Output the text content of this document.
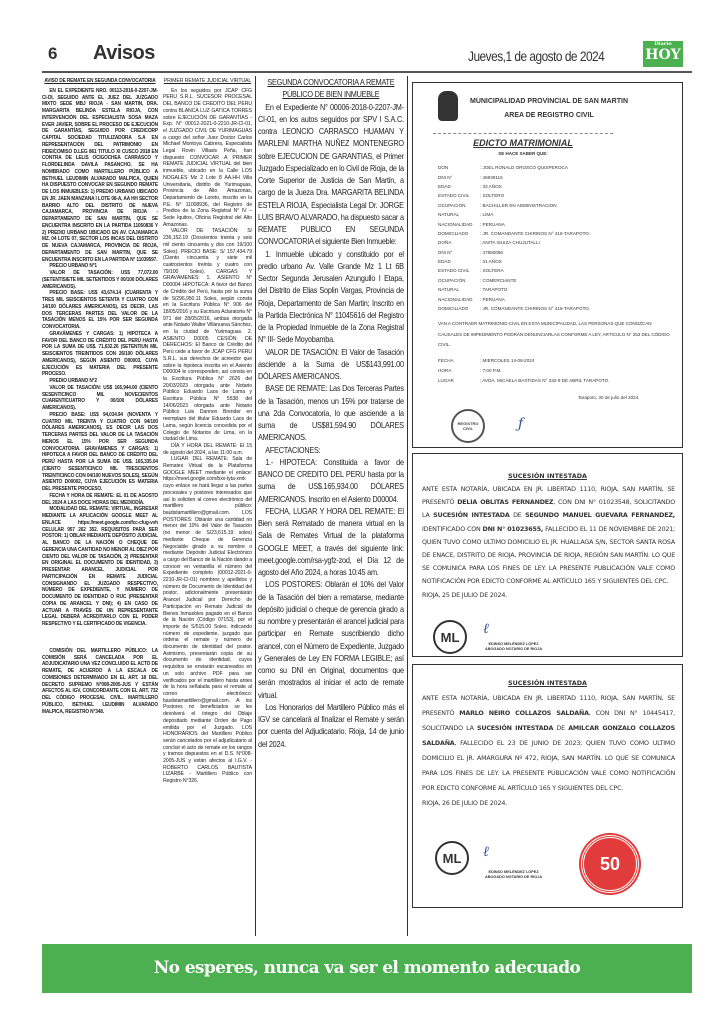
6 Avisos	Jueves,1 de agosto de 2024
Diario
HOY
AVISO DE REMATE EN SEGUNDA CONVOCATORIA

EN EL EXPEDIENTE NRO. 00113-2016-0-2207-JM-CI-DI, SEGUIDO ANTE EL JUEZ DEL JUZGADO MIXTO SEDE MBJ RIOJA - SAN MARTIN, DRA. MARGARITA BELINDA ESTELA RIOJA, CON INTERVENCIÓN DEL ESPECIALISTA SOSA MAZA EVER JAVIER, SOBRE EL PROCESO DE EJECUCIÓN DE GARANTÍAS, SEGUIDO POR CREDICORP CAPITAL SOCIEDAD TITULIZADORA S.A EN REPRESENTACION DEL PATRIMONIO EN FIDEICOMISO D.LEG 861 TITULO XI CUSCO 2018 EN CONTRA DE LELIS OCIGOCHEA CARRASCO Y FLORDELINDA DAVILA PASANCHO, SE HA NOMBRADO COMO MARTILLERO PÚBLICO A BETHUEL LEUDIMIN ALVARADO MALPICA, QUIEN HA DISPUESTO CONVOCAR EN SEGUNDO REMATE DE LOS INMUEBLES: 1) PREDIO URBANO UBICADO EN JR. JAEN MANZANA I LOTE 08-A, AA HH SECTOR BARRIO ALTO DEL DISTRITO DE NUEVA CAJAMARCA, PROVINCIA DE RIOJA - DEPARTAMENTO DE SAN MARTIN, QUE SE ENCUENTRA INSCRITO EN LA PARTIDA 11050836 Y 2) PREDIO URBANO UBICADO EN AV. CAJAMARCA MZ. 04 LOTE 07, SECTOR LOS INCAS DEL DISTRITO DE NUEVA CAJAMARCA, PROVINCIA DE RIOJA, DEPARTAMENTO DE SAN MARTIN, QUE SE ENCUENTRA INSCRITO EN LA PARTIDA N° 11039597.

PRECIO URBANO N°1

VALOR DE TASACIÓN: US$ 77,072.00 (SETENTISIETE MIL SETENTIDOS Y 00/100 DÓLARES AMERICANOS).

PRECIO BASE: US$ 43,674.14 (CUARENTA Y TRES MIL SEISCIENTOS SETENTA Y CUATRO CON 14/100 DÓLARES AMERICANOS), ES DECIR, LAS DOS TERCERAS PARTES DEL VALOR DE LA TASACIÓN MENOS EL 15% POR SER SEGUNDA CONVOCATORIA.

GRAVÁMENES Y CARGAS: 1) HIPOTECA A FAVOR DEL BANCO DE CRÉDITO DEL PERÚ HASTA POR LA SUMA DE US$. 71,632.26 (SETENTIUN MIL SEISCIENTOS TREINTIDOS CON 26/100 DÓLARES AMERICANOS), SEGÚN ASIENTO D00003, CUYA EJECUCIÓN ES MATERIA DEL PRESENTE PROCESO.

PREDIO URBANO N°2

VALOR DE TASACIÓN: US$ 165,944.00 (CIENTO SESENTICINCO MIL NOVECIENTOS CUARENTICUATRO Y 00/100 DÓLARES AMERICANOS).

PRECIO BASE: US$ 94,034.94 (NOVENTA Y CUATRO MIL TREINTA Y CUATRO CON 94/100 DÓLARES AMERICANOS), ES DECIR LAS DOS TERCERAS PARTES DEL VALOR DE LA TASACIÓN MENOS EL 15% POR SER SEGUNDA CONVOCATORIA. GRAVÁMENES Y CARGAS: 1) HIPOTECA A FAVOR DEL BANCO DE CRÉDITO DEL PERÚ HASTA POR LA SUMA DE US$. 165,335.04 (CIENTO SESENTICINCO MIL TRESCIENTOS TREINTICINCO CON 04/100 NUEVOS SOLES), SEGÚN ASIENTO D00002, CUYA EJECUCIÓN ES MATERIA DEL PRESENTE PROCESO.

FECHA Y HORA DE REMATE: EL 01 DE AGOSTO DEL 2024 A LAS DOCE HORAS DEL MEDIODÍA.

MODALIDAD DEL REMATE: VIRTUAL, INGRESAR MEDIANTE LA APLICACIÓN GOOGLE MEET AL ENLACE https://meet.google.com/fcc-cfug-vvh CELULAR 957 262 352. REQUISITOS PARA SER POSTOR: 1) OBLAR MEDIANTE DEPÓSITO JUDICIAL AL BANCO DE LA NACIÓN O CHEQUE DE GERENCIA UNA CANTIDAD NO MENOR AL DIEZ POR CIENTO DEL VALOR DE TASACIÓN, 2) PRESENTAR EN ORIGINAL EL DOCUMENTO DE IDENTIDAD, 3) PRESENTAR ARANCEL JUDICIAL POR PARTICIPACIÓN EN REMATE JUDICIAL CONSIGNANDO EL JUZGADO RESPECTIVO, NÚMERO DE EXPEDIENTE, Y NÚMERO DE DOCUMENTO DE IDENTIDAD O RUC (PRESENTAR COPIA DE ARANCEL Y DNI); 4) EN CASO DE ACTUAR A TRAVÉS DE UN REPRESENTANTE LEGAL DEBERÁ ACREDITARLO CON EL PODER RESPECTIVO Y EL CERTIFICADO DE VIGENCIA.

COMISIÓN DEL MARTILLERO PÚBLICO: LA COMISIÓN SERÁ CANCELADA POR EL ADJUDICATARIO UNA VEZ CONCLUIDO EL ACTO DE REMATE, DE ACUERDO A LA ESCALA DE COMISIONES DETERMINADO EN EL ART. 18 DEL DECRETO SUPREMO N°008-2005-JUS Y ESTÁN AFECTOS AL IGV, CONCORDANTE CON EL ART. 732 DEL CÓDIGO PROCESAL CIVIL. MARTILLERO PÚBLICO, BETHUEL LEUDIMIN ALVARADO MALPICA, REGISTRO N°348.

PRIMER REMATE JUDICIAL VIRTUAL

En los seguidos por JCAP CFG PERU S.R.L. SUCESOR PROCESAL DEL BANCO DE CREDITO DEL PERU contra BLANCA LUZ GATICA TORRES sobre EJECUCIÓN DE GARANTÍAS - Exp. N° 00012-2021-0-2210-JR-CI-01, el JUZGADO CIVIL DE YURIMAGUAS a cargo del señor Juez Doctor Carlos Michael Montoya Cabrera, Especialista Legal Rovin Villasis Peña, han dispuesto CONVOCAR A PRIMER REMATE JUDICIAL VIRTUAL del bien inmueble, ubicado en la Calle LOS NOGALES Mz 2 Lote 8 AA.HH Villa Universitaria, distrito de Yurimaguas, Provincia de Alto Amazonas, Departamento de Loreto, inscrito en la P.E. N° 11008936, del Registro de Predios de la Zona Registral N° IV – Sede Iquitos, Oficina Registral del Alto Amazonas.

VALOR DE TASACIÓN: S/ 236,152.19 (Doscientos treinta y seis mil ciento cincuenta y dos con 19/100 Soles). PRECIO BASE: S/ 157,434.79 (Ciento cincuenta y siete mil cuatrocientos treinta y cuatro con 79/100 Soles). CARGAS Y GRAVÁMENES: 1. ASIENTO N° D00004 HIPOTECA: A favor del Banco de Crédito del Perú, hasta por la suma de S/296,950.11 Soles, según consta en la Escritura Pública N° 906 del 18/05/2016 y su Escritura Aclaratoria N° 971 del 28/05/2016, ambas otorgada ante Notario Walter Villanueva Sánchez, en la ciudad de Yurimaguas. 2. ASIENTO D0005 CESIÓN DE DERECHOS: El Banco de Crédito del Perú cede a favor de JCAP CFG PERU S.R.L. sus derechos de acreedor que sobre la hipoteca inscrita en el Asiento D00004 le corresponden, así consta en la Escritura Pública N° 2626 del 20/03/2023 otorgada ante Notario Público Eduardo Laos de Lama y Escritura Pública N° 5538 del 14/06/2023 otorgada ante Notario Público Luis Dannon Brender en reemplazo del titular Eduardo Laos de Lama, según licencia concedida por el Colegio de Notarios de Lima, en la ciudad de Lima.

DÍA Y HORA DEL REMATE: El 15 de agosto del 2024, a las 11:00 a.m.

LUGAR DEL REMATE: Sala de Remates Virtual de la Plataforma GOOGLE MEET mediante el enlace: https://meet.google.com/bxx-tyta-xmk cuyo enlace se hará llegar a las partes procesales y postores interesados que así lo soliciten al correo electrónico del martillero público: bautistamartillero@gmail.com. LOS POSTORES: Oblarán una cantidad no menor del 10% del Valor de Tasación (no menor de S/23,615.19 soles) mediante Cheque de Gerencia Negociable girado a su nombre o mediante Depósito Judicial Electrónico a cargo del Banco de la Nación dando a conocer en ventanilla el número del Expediente completo (00012-2021-0-2210-JR-CI-01) nombres y apellidos y número de Documento de Identidad del postor, adicionalmente presentarán Arancel Judicial por Derecho de Participación en Remate Judicial de Bienes Inmuebles pagado en el Banco de la Nación (Código 07153), por el importe de S/515.00 Soles, indicando número de expediente, juzgado que ordena el remate y número de documento de identidad del postor. Asimismo, presentarán copia de su documento de identidad, cuyos requisitos se enviarán escaneados en un solo archivo PDF para ser verificados por el martillero hasta antes de la hora señalada para el remate al correo electrónico: bautistamartillero@gmail.com. A los Postores no beneficiados se les devolverá el íntegro del Oblaje depositado mediante Orden de Pago emitida por el Juzgado. LOS HONORARIOS del Martillero Público serán cancelados por el adjudicatario al concluir el acto de remate en los rangos y tramos dispuestos en el D.S. N°008-2005-JUS y están afectos al I.G.V. - ROBERTO CARLOS BAUTISTA LIZARBE - Martillero Público con Registro N°326.

SEGUNDA CONVOCATORIA A REMATE PÚBLICO DE BIEN INMUEBLE

En el Expediente N° 00006-2018-0-2207-JM-CI-01, en los autos seguidos por SPV I S.A.C. contra LEONCIO CARRASCO HUAMAN Y MARLENI MARTHA NUÑEZ MONTENEGRO sobre EJECUCION DE GARANTIAS, el Primer Juzgado Especializado en lo Civil de Rioja, de la Corte Superior de Justicia de San Martin, a cargo de la Jueza Dra. MARGARITA BELINDA ESTELA RIOJA, Especialista Legal Dr. JORGE LUIS BRAVO ALVARADO, ha dispuesto sacar a REMATE PUBLICO EN SEGUNDA CONVOCATORIA el siguiente Bien Inmueble:

1. Inmueble ubicado y constituido por el predio urbano Av. Valle Grande Mz 1 Lt 6B Sector Segunda Jerusalen Azungullo I Etapa, del Distrito de Elias Soplin Vargas, Provincia de Rioja, Departamento de San Martin; Inscrito en la Partida Electrónica N° 11045616 del Registro de la Propiedad Inmueble de la Zona Registral N° III- Sede Moyobamba.

VALOR DE TASACIÓN: El Valor de Tasación asciende a la Suma de US$143,991.00 DÓLARES AMERICANOS.

BASE DE REMATE: Las Dos Terceras Partes de la Tasación, menos un 15% por tratarse de una 2da Convocatoria, lo que asciende a la suma de US$81,594.90 DÓLARES AMERICANOS.

AFECTACIONES:

1.- HIPOTECA: Constituida a favor de BANCO DE CREDITO DEL PERU hasta por la suma de US$.165,934.00 DÓLARES AMERICANOS. Inscrito en el Asiento D00004.

FECHA, LUGAR Y HORA DEL REMATE: El Bien será Rematado de manera virtual en la Sala de Remates Virtual de la plataforma GOOGLE MEET, a través del siguiente link: meet.google.com/rsa-ygfz-zod, el Día 12 de agosto del Año 2024, a horas 10:45 am.

LOS POSTORES: Oblarán el 10% del Valor de la Tasación del bien a rematarse, mediante depósito judicial o cheque de gerencia girado a su nombre y presentarán el arancel judicial para participar en Remate suscribiendo dicho arancel, con el Número de Expediente, Juzgado y Generales de Ley EN FORMA LEGIBLE; así como su DNI en Original, documentos que serán mostrados al iniciar el acto de remate virtual.

Los Honorarios del Martillero Público más el IGV se cancelará al finalizar el Remate y serán por cuenta del Adjudicatario. Rioja, 14 de junio del 2024.

MUNICIPALIDAD PROVINCIAL DE SAN MARTIN
AREA DE REGISTRO CIVIL
EDICTO MATRIMONIAL
SE HACE SABER QUE:
DON	: JOEL RONALD OROSCO QUISPEROCA
DNI N°	: 46839116
EDAD	: 33 AÑOS
ESTADO CIVIL	: SOLTERO
OCUPACIÓN	: BACHILLER EN ADMINISTRACION
NATURAL	: LIMA
NACIONALIDAD	: PERUANA
DOMICILIADO	: JR. COMANDANTE CHIRINOS N° 416-TARAPOTO.
DOÑA	: ANITA ISUIZA CHUJUTALLI
DNI N°	: 47850066
EDAD	: 31 AÑOS
ESTADO CIVIL	: SOLTERA
OCUPACIÓN	: COMERCIANTE
NATURAL	: TARAPOTO
NACIONALIDAD	: PERUANA
DOMICILIADO	: JR. COMANDANTE CHIRINOS N° 416-TARAPOTO.
VAN A CONTRAER MATRIMONIO CIVIL EN ESTA MUNICIPALIDAD, LAS PERSONAS QUE CONOZCAN CAUSALES DE IMPEDIMENTO PODRÁN DENUNCIARLAS CONFORME A LEY, ARTICULO N° 253 DEL CÓDIGO CIVIL.
FECHA	: MIERCOLES 14-08-2024
HORA	: 7:00 P.M.
LUGAR	: AVDA. MICAELA BASTIDAS N° 332-9 DE ABRIL TARAPOTO.
Tarapoto, 30 de julio del 2024.
REGISTRO CIVIL	ƒ
SUCESIÓN INTESTADA
ANTE ESTA NOTARÍA, UBICADA EN JR. LIBERTAD 1110, RIOJA, SAN MARTÍN, SE PRESENTÓ DELIA OBLITAS FERNANDEZ, CON DNI N° 01023548, SOLICITANDO LA SUCESIÓN INTESTADA DE SEGUNDO MANUEL GUEVARA FERNANDEZ, IDENTIFICADO CON DNI N° 01023655, FALLECIDO EL 11 DE NOVIEMBRE DE 2021; QUIEN TUVO COMO ULTIMO DOMICILIO EL JR. HUALLAGA S/N, SECTOR SANTA ROSA DE ENACE, DISTRITO DE RIOJA, PROVINCIA DE RIOJA, REGIÓN SAN MARTÍN. LO QUE SE COMUNICA PARA LOS FINES DE LEY. LA PRESENTE PUBLICACIÓN VALE COMO NOTIFICACIÓN POR EDICTO CONFORME AL ARTÍCULO 165 Y SIGUIENTES DEL CPC.
RIOJA, 25 DE JULIO DE 2024.
ML	ℓ
EDINSO MELÉNDEZ LÓPEZ
ABOGADO NOTARIO DE RIOJA
SUCESIÓN INTESTADA
ANTE ESTA NOTARÍA, UBICADA EN JR. LIBERTAD 1110, RIOJA, SAN MARTÍN, SE PRESENTÓ MARLO NEIRO COLLAZOS SALDAÑA, CON DNI N° 10445417, SOLICITANDO LA SUCESIÓN INTESTADA DE AMILCAR GONZALO COLLAZOS SALDAÑA, FALLECIDO EL 23 DE JUNIO DE 2023; QUIEN TUVO COMO ULTIMO DOMICILIO EL JR. AMARGURA Nº 472, RIOJA, SAN MARTÍN. LO QUE SE COMUNICA PARA LOS FINES DE LEY. LA PRESENTE PUBLICACIÓN VALE COMO NOTIFICACIÓN POR EDICTO CONFORME AL ARTÍCULO 165 Y SIGUIENTES DEL CPC.
RIOJA, 26 DE JULIO DE 2024.
ML	ℓ
EDINSO MELÉNDEZ LÓPEZ
ABOGADO NOTARIO DE RIOJA
50
No esperes, nunca va ser el momento adecuado
